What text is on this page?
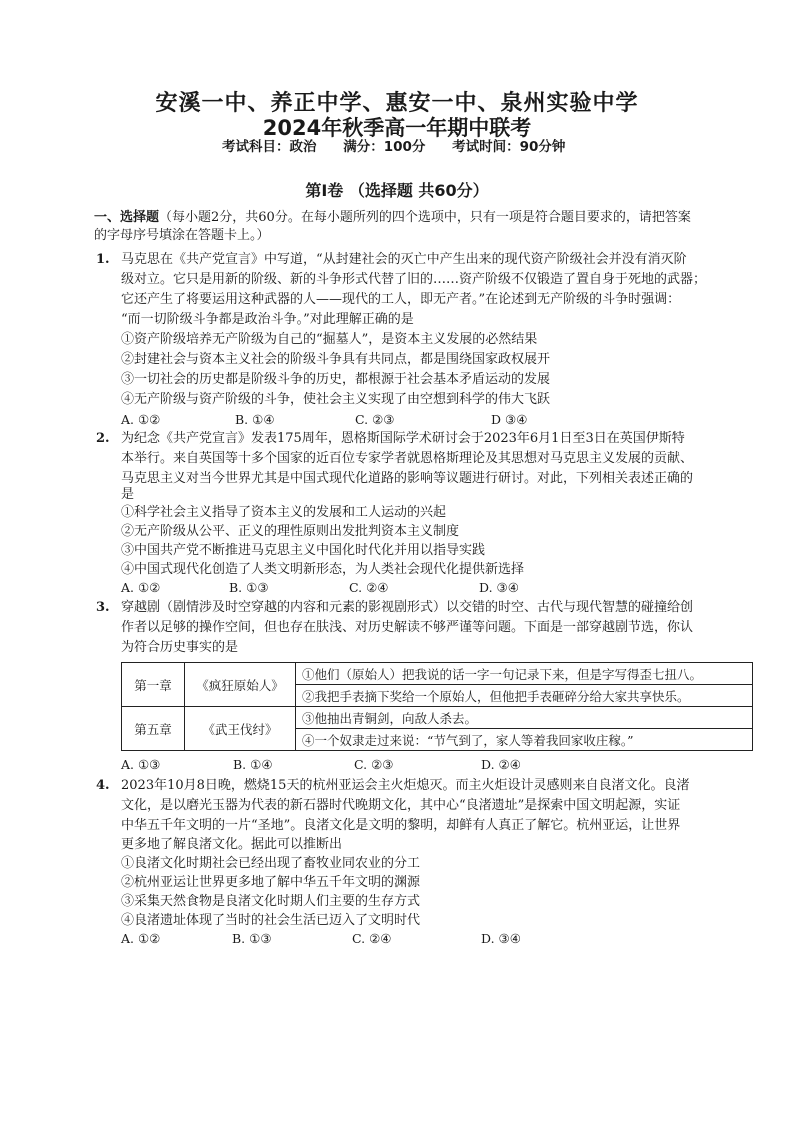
安溪一中、养正中学、惠安一中、泉州实验中学
2024年秋季高一年期中联考
考试科目：政治 满分：100分 考试时间：90分钟
第Ⅰ卷 （选择题 共60分）
一、选择题（每小题2分，共60分。在每小题所列的四个选项中，只有一项是符合题目要求的，请把答案
的字母序号填涂在答题卡上。）
1. 马克思在《共产党宣言》中写道，“从封建社会的灭亡中产生出来的现代资产阶级社会并没有消灭阶
级对立。它只是用新的阶级、新的斗争形式代替了旧的……资产阶级不仅锻造了置自身于死地的武器；
它还产生了将要运用这种武器的人——现代的工人，即无产者。”在论述到无产阶级的斗争时强调：
“而一切阶级斗争都是政治斗争。”对此理解正确的是
①资产阶级培养无产阶级为自己的“掘墓人”，是资本主义发展的必然结果
②封建社会与资本主义社会的阶级斗争具有共同点，都是围绕国家政权展开
③一切社会的历史都是阶级斗争的历史，都根源于社会基本矛盾运动的发展
④无产阶级与资产阶级的斗争，使社会主义实现了由空想到科学的伟大飞跃
A. ①②	B. ①④	C. ②③	D ③④
2. 为纪念《共产党宣言》发表175周年，恩格斯国际学术研讨会于2023年6月1日至3日在英国伊斯特
本举行。来自英国等十多个国家的近百位专家学者就恩格斯理论及其思想对马克思主义发展的贡献、
马克思主义对当今世界尤其是中国式现代化道路的影响等议题进行研讨。对此，下列相关表述正确的
是
①科学社会主义指导了资本主义的发展和工人运动的兴起
②无产阶级从公平、正义的理性原则出发批判资本主义制度
③中国共产党不断推进马克思主义中国化时代化并用以指导实践
④中国式现代化创造了人类文明新形态，为人类社会现代化提供新选择
A. ①②	B. ①③	C. ②④	D. ③④
3. 穿越剧（剧情涉及时空穿越的内容和元素的影视剧形式）以交错的时空、古代与现代智慧的碰撞给创
作者以足够的操作空间，但也存在肤浅、对历史解读不够严谨等问题。下面是一部穿越剧节选，你认
为符合历史事实的是
第一章	《疯狂原始人》	①他们（原始人）把我说的话一字一句记录下来，但是字写得歪七扭八。
		②我把手表摘下奖给一个原始人，但他把手表砸碎分给大家共享快乐。
第五章	《武王伐纣》	③他抽出青铜剑，向敌人杀去。
		④一个奴隶走过来说：“节气到了，家人等着我回家收庄稼。”
A. ①③	B. ①④	C. ②③	D. ②④
4. 2023年10月8日晚，燃烧15天的杭州亚运会主火炬熄灭。而主火炬设计灵感则来自良渚文化。良渚
文化，是以磨光玉器为代表的新石器时代晚期文化，其中心“良渚遗址”是探索中国文明起源，实证
中华五千年文明的一片“圣地”。良渚文化是文明的黎明，却鲜有人真正了解它。杭州亚运，让世界
更多地了解良渚文化。据此可以推断出
①良渚文化时期社会已经出现了畜牧业同农业的分工
②杭州亚运让世界更多地了解中华五千年文明的渊源
③采集天然食物是良渚文化时期人们主要的生存方式
④良渚遗址体现了当时的社会生活已迈入了文明时代
A. ①②	B. ①③	C. ②④	D. ③④
